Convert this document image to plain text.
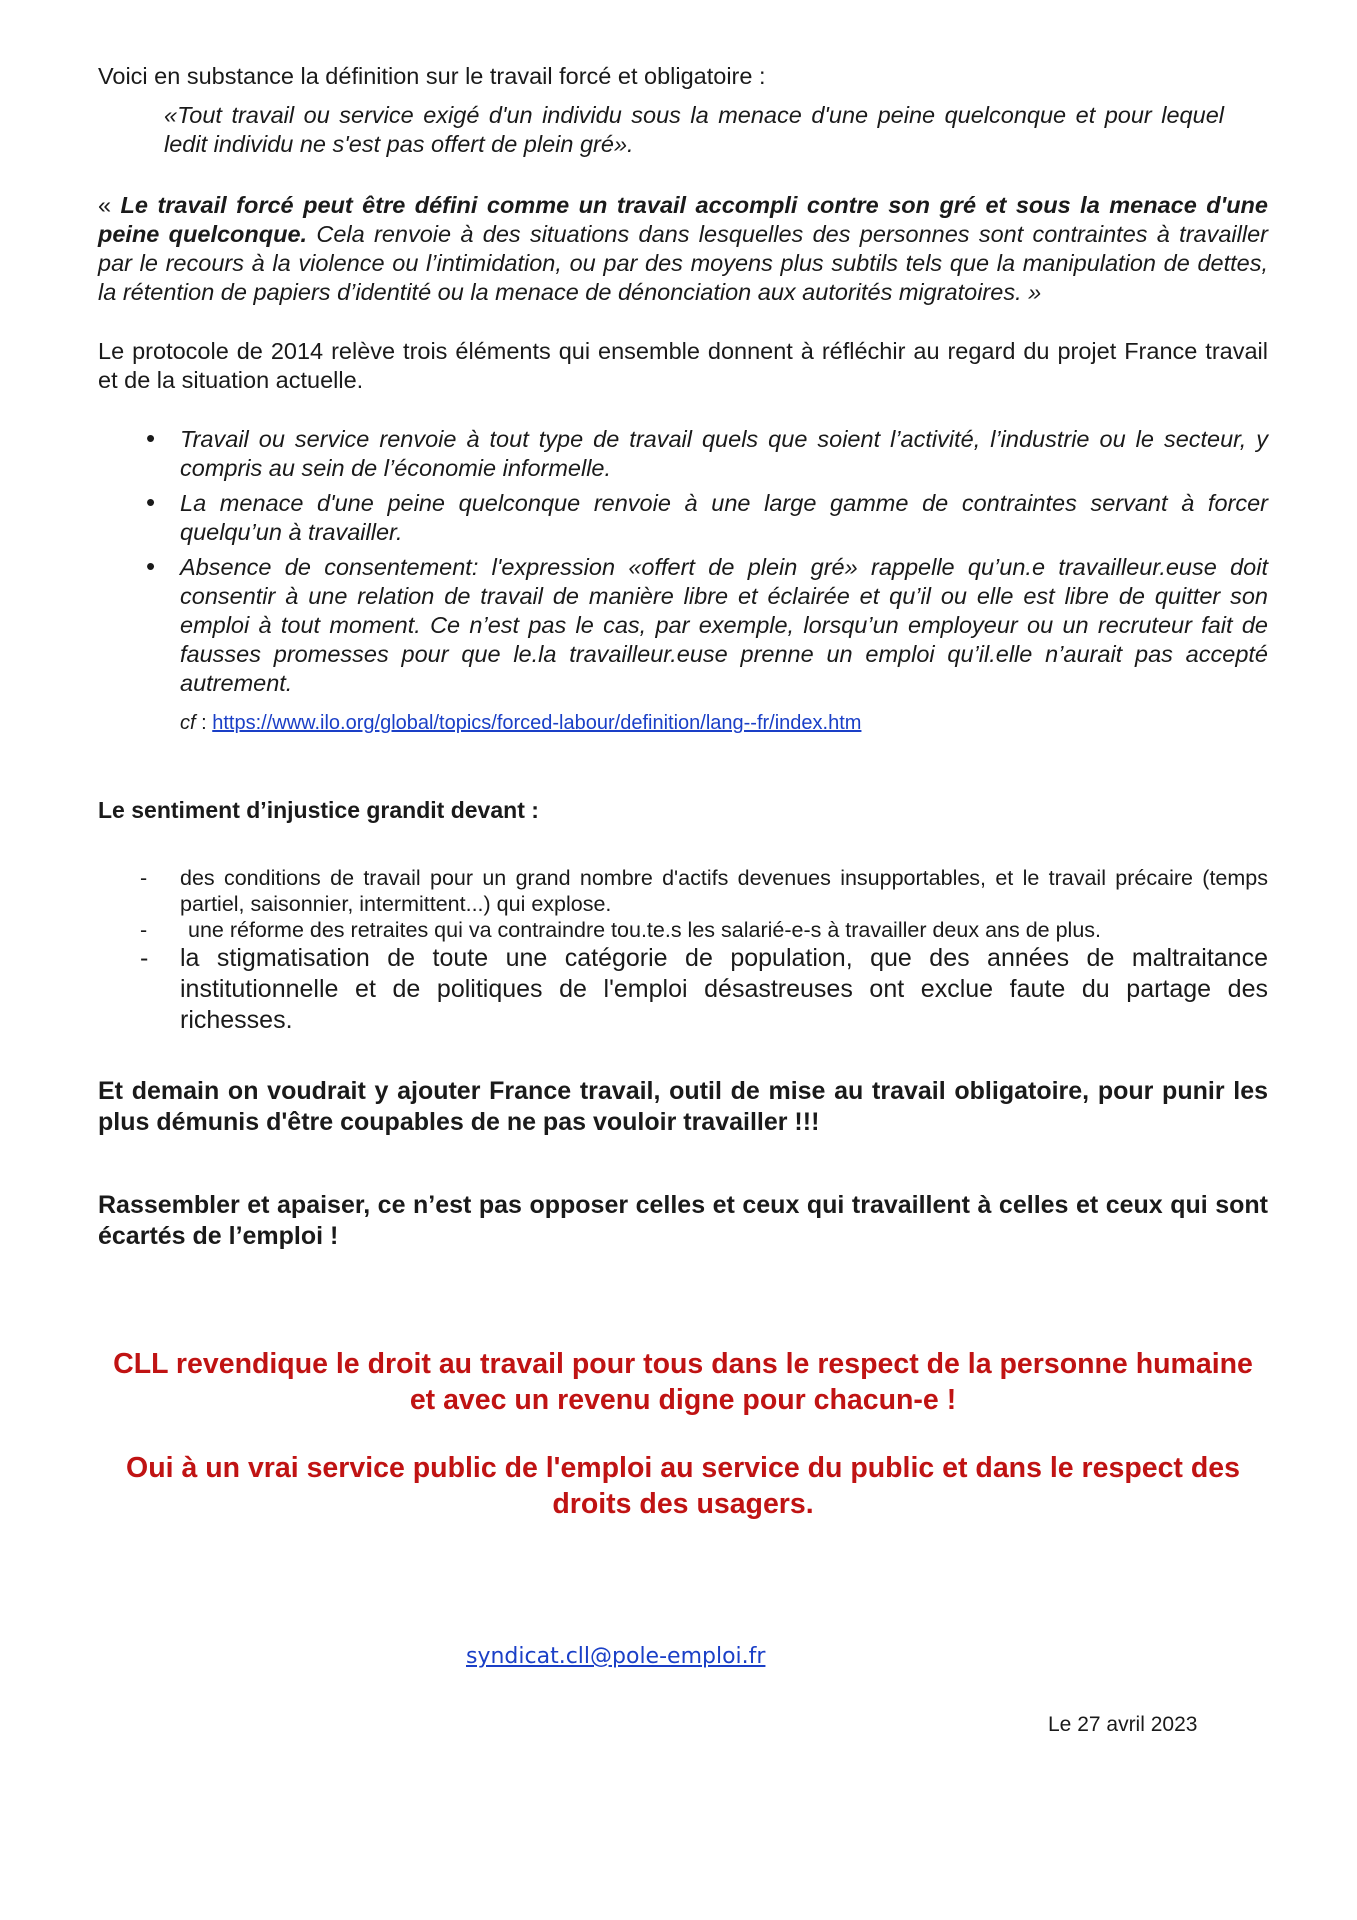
Voici en substance la définition sur le travail forcé et obligatoire :

«Tout travail ou service exigé d'un individu sous la menace d'une peine quelconque et pour lequel ledit individu ne s'est pas offert de plein gré».

« Le travail forcé peut être défini comme un travail accompli contre son gré et sous la menace d'une peine quelconque. Cela renvoie à des situations dans lesquelles des personnes sont contraintes à travailler par le recours à la violence ou l’intimidation, ou par des moyens plus subtils tels que la manipulation de dettes, la rétention de papiers d’identité ou la menace de dénonciation aux autorités migratoires. »

Le protocole de 2014 relève trois éléments qui ensemble donnent à réfléchir au regard du projet France travail et de la situation actuelle.

• Travail ou service renvoie à tout type de travail quels que soient l’activité, l’industrie ou le secteur, y compris au sein de l’économie informelle.
• La menace d'une peine quelconque renvoie à une large gamme de contraintes servant à forcer quelqu’un à travailler.
• Absence de consentement: l'expression «offert de plein gré» rappelle qu’un.e travailleur.euse doit consentir à une relation de travail de manière libre et éclairée et qu’il ou elle est libre de quitter son emploi à tout moment. Ce n’est pas le cas, par exemple, lorsqu’un employeur ou un recruteur fait de fausses promesses pour que le.la travailleur.euse prenne un emploi qu’il.elle n’aurait pas accepté autrement.

cf : https://www.ilo.org/global/topics/forced-labour/definition/lang--fr/index.htm

Le sentiment d’injustice grandit devant :

- des conditions de travail pour un grand nombre d'actifs devenues insupportables, et le travail précaire (temps partiel, saisonnier, intermittent...) qui explose.
- une réforme des retraites qui va contraindre tou.te.s les salarié-e-s à travailler deux ans de plus.
- la stigmatisation de toute une catégorie de population, que des années de maltraitance institutionnelle et de politiques de l'emploi désastreuses ont exclue faute du partage des richesses.

Et demain on voudrait y ajouter France travail, outil de mise au travail obligatoire, pour punir les plus démunis d'être coupables de ne pas vouloir travailler !!!

Rassembler et apaiser, ce n’est pas opposer celles et ceux qui travaillent à celles et ceux qui sont écartés de l’emploi !

CLL revendique le droit au travail pour tous dans le respect de la personne humaine et avec un revenu digne pour chacun-e !

Oui à un vrai service public de l'emploi au service du public et dans le respect des droits des usagers.

syndicat.cll@pole-emploi.fr
Le 27 avril 2023
